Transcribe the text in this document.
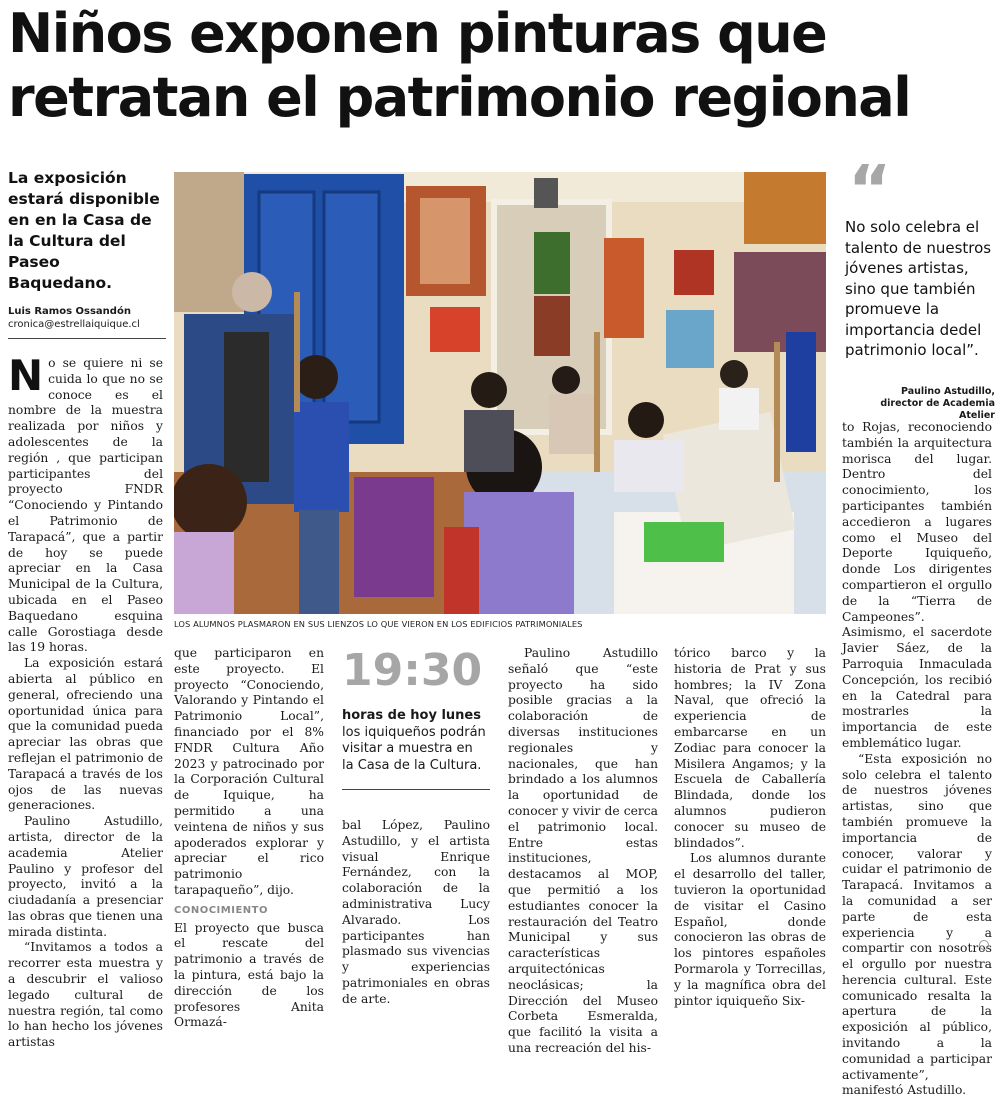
Niños exponen pinturas que retratan el patrimonio regional
La exposición estará disponible en en la Casa de la Cultura del Paseo Baquedano.
Luis Ramos Ossandón
cronica@estrellaiquique.cl

No se quiere ni se cuida lo que no se conoce es el nombre de la muestra realizada por niños y adolescentes de la región , que participan participantes del proyecto FNDR “Conociendo y Pintando el Patrimonio de Tarapacá”, que a partir de hoy se puede apreciar en la Casa Municipal de la Cultura, ubicada en el Paseo Baquedano esquina calle Gorostiaga desde las 19 horas.

La exposición estará abierta al público en general, ofreciendo una oportunidad única para que la comunidad pueda apreciar las obras que reflejan el patrimonio de Tarapacá a través de los ojos de las nuevas generaciones.

Paulino Astudillo, artista, director de la academia Atelier Paulino y profesor del proyecto, invitó a la ciudadanía a presenciar las obras que tienen una mirada distinta.

“Invitamos a todos a recorrer esta muestra y a descubrir el valioso legado cultural de nuestra región, tal como lo han hecho los jóvenes artistas

LOS ALUMNOS PLASMARON EN SUS LIENZOS LO QUE VIERON EN LOS EDIFICIOS PATRIMONIALES
“
No solo celebra el talento de nuestros jóvenes artistas, sino que también promueve la importancia dedel patrimonio local”.
Paulino Astudillo,
director de Academia Atelier

que participaron en este proyecto. El proyecto “Conociendo, Valorando y Pintando el Patrimonio Local”, financiado por el 8% FNDR Cultura Año 2023 y patrocinado por la Corporación Cultural de Iquique, ha permitido a una veintena de niños y sus apoderados explorar y apreciar el rico patrimonio tarapaqueño”, dijo.

CONOCIMIENTO

El proyecto que busca el rescate del patrimonio a través de la pintura, está bajo la dirección de los profesores Anita Ormazá-

19:30
horas de hoy lunes los iquiqueños podrán visitar a muestra en la Casa de la Cultura.

bal López, Paulino Astudillo, y el artista visual Enrique Fernández, con la colaboración de la administrativa Lucy Alvarado. Los participantes han plasmado sus vivencias y experiencias patrimoniales en obras de arte.

Paulino Astudillo señaló que “este proyecto ha sido posible gracias a la colaboración de diversas instituciones regionales y nacionales, que han brindado a los alumnos la oportunidad de conocer y vivir de cerca el patrimonio local. Entre estas instituciones, destacamos al MOP, que permitió a los estudiantes conocer la restauración del Teatro Municipal y sus características arquitectónicas neoclásicas; la Dirección del Museo Corbeta Esmeralda, que facilitó la visita a una recreación del his-

tórico barco y la historia de Prat y sus hombres; la IV Zona Naval, que ofreció la experiencia de embarcarse en un Zodiac para conocer la Misilera Angamos; y la Escuela de Caballería Blindada, donde los alumnos pudieron conocer su museo de blindados”.

Los alumnos durante el desarrollo del taller, tuvieron la oportunidad de visitar el Casino Español, donde conocieron las obras de los pintores españoles Pormarola y Torrecillas, y la magnífica obra del pintor iquiqueño Six-

to Rojas, reconociendo también la arquitectura morisca del lugar. Dentro del conocimiento, los participantes también accedieron a lugares como el Museo del Deporte Iquiqueño, donde Los dirigentes compartieron el orgullo de la “Tierra de Campeones”. Asimismo, el sacerdote Javier Sáez, de la Parroquia Inmaculada Concepción, los recibió en la Catedral para mostrarles la importancia de este emblemático lugar.

“Esta exposición no solo celebra el talento de nuestros jóvenes artistas, sino que también promueve la importancia de conocer, valorar y cuidar el patrimonio de Tarapacá. Invitamos a la comunidad a ser parte de esta experiencia y a compartir con nosotros el orgullo por nuestra herencia cultural. Este comunicado resalta la apertura de la exposición al público, invitando a la comunidad a participar activamente”, manifestó Astudillo.
